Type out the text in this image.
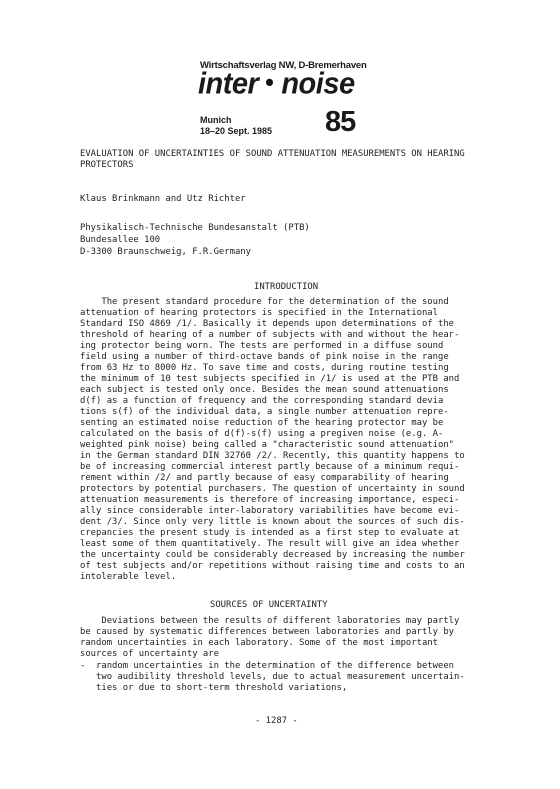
Wirtschaftsverlag NW, D-Bremerhaven
inter noise
Munich
18–20 Sept. 1985 85
EVALUATION OF UNCERTAINTIES OF SOUND ATTENUATION MEASUREMENTS ON HEARING
PROTECTORS
Klaus Brinkmann and Utz Richter
Physikalisch-Technische Bundesanstalt (PTB)
Bundesallee 100
D-3300 Braunschweig, F.R.Germany
INTRODUCTION
The present standard procedure for the determination of the sound
attenuation of hearing protectors is specified in the International
Standard ISO 4869 /1/. Basically it depends upon determinations of the
threshold of hearing of a number of subjects with and without the hear-
ing protector being worn. The tests are performed in a diffuse sound
field using a number of third-octave bands of pink noise in the range
from 63 Hz to 8000 Hz. To save time and costs, during routine testing
the minimum of 10 test subjects specified in /1/ is used at the PTB and
each subject is tested only once. Besides the mean sound attenuations
d(f) as a function of frequency and the corresponding standard devia
tions s(f) of the individual data, a single number attenuation repre-
senting an estimated noise reduction of the hearing protector may be
calculated on the basis of d(f)-s(f) using a pregiven noise (e.g. A-
weighted pink noise) being called a "characteristic sound attenuation"
in the German standard DIN 32760 /2/. Recently, this quantity happens to
be of increasing commercial interest partly because of a minimum requi-
rement within /2/ and partly because of easy comparability of hearing
protectors by potential purchasers. The question of uncertainty in sound
attenuation measurements is therefore of increasing importance, especi-
ally since considerable inter-laboratory variabilities have become evi-
dent /3/. Since only very little is known about the sources of such dis-
crepancies the present study is intended as a first step to evaluate at
least some of them quantitatively. The result will give an idea whether
the uncertainty could be considerably decreased by increasing the number
of test subjects and/or repetitions without raising time and costs to an
intolerable level.
SOURCES OF UNCERTAINTY
Deviations between the results of different laboratories may partly
be caused by systematic differences between laboratories and partly by
random uncertainties in each laboratory. Some of the most important
sources of uncertainty are
-  random uncertainties in the determination of the difference between
two audibility threshold levels, due to actual measurement uncertain-
ties or due to short-term threshold variations,
- 1287 -
